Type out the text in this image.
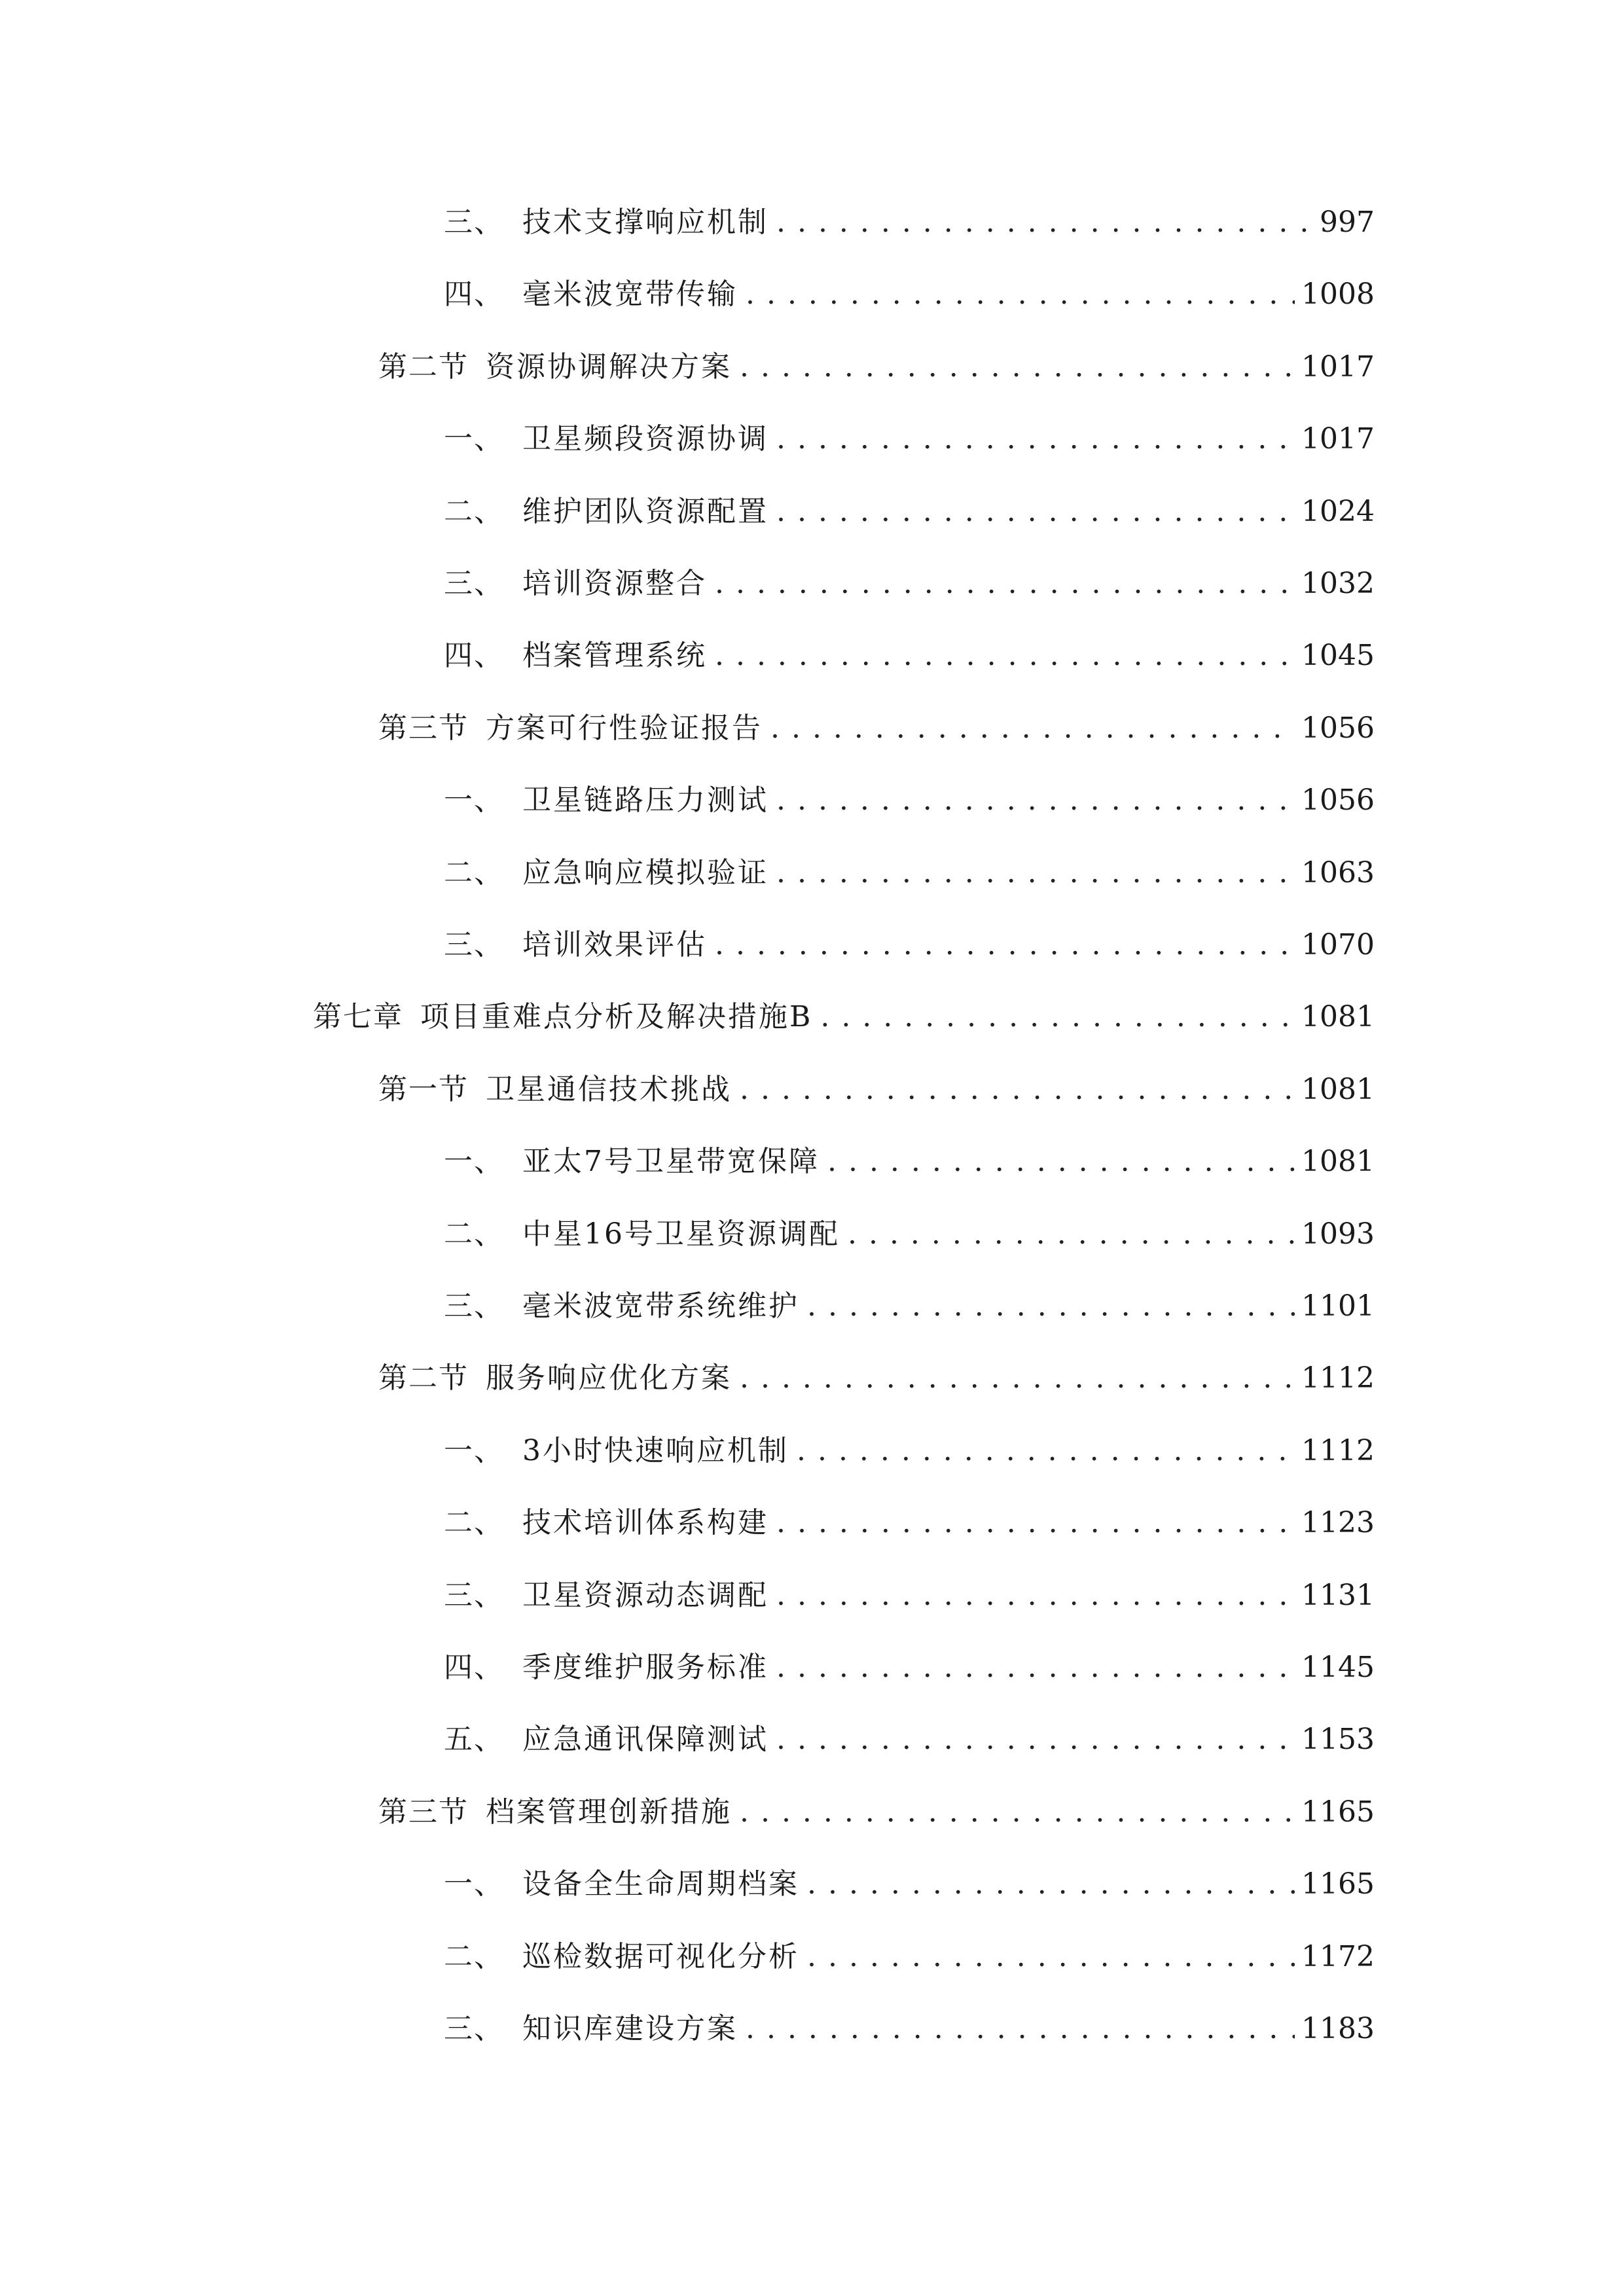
三、 技术支撑响应机制 . . .	997
四、 毫米波宽带传输 . . .	1008
第二节 资源协调解决方案 . . .	1017
一、 卫星频段资源协调 . . .	1017
二、 维护团队资源配置 . . .	1024
三、 培训资源整合 . . .	1032
四、 档案管理系统 . . .	1045
第三节 方案可行性验证报告 . . .	1056
一、 卫星链路压力测试 . . .	1056
二、 应急响应模拟验证 . . .	1063
三、 培训效果评估 . . .	1070
第七章 项目重难点分析及解决措施B . . .	1081
第一节 卫星通信技术挑战 . . .	1081
一、 亚太7号卫星带宽保障 . . .	1081
二、 中星16号卫星资源调配 . . .	1093
三、 毫米波宽带系统维护 . . .	1101
第二节 服务响应优化方案 . . .	1112
一、 3小时快速响应机制 . . .	1112
二、 技术培训体系构建 . . .	1123
三、 卫星资源动态调配 . . .	1131
四、 季度维护服务标准 . . .	1145
五、 应急通讯保障测试 . . .	1153
第三节 档案管理创新措施 . . .	1165
一、 设备全生命周期档案 . . .	1165
二、 巡检数据可视化分析 . . .	1172
三、 知识库建设方案 . . .	1183
